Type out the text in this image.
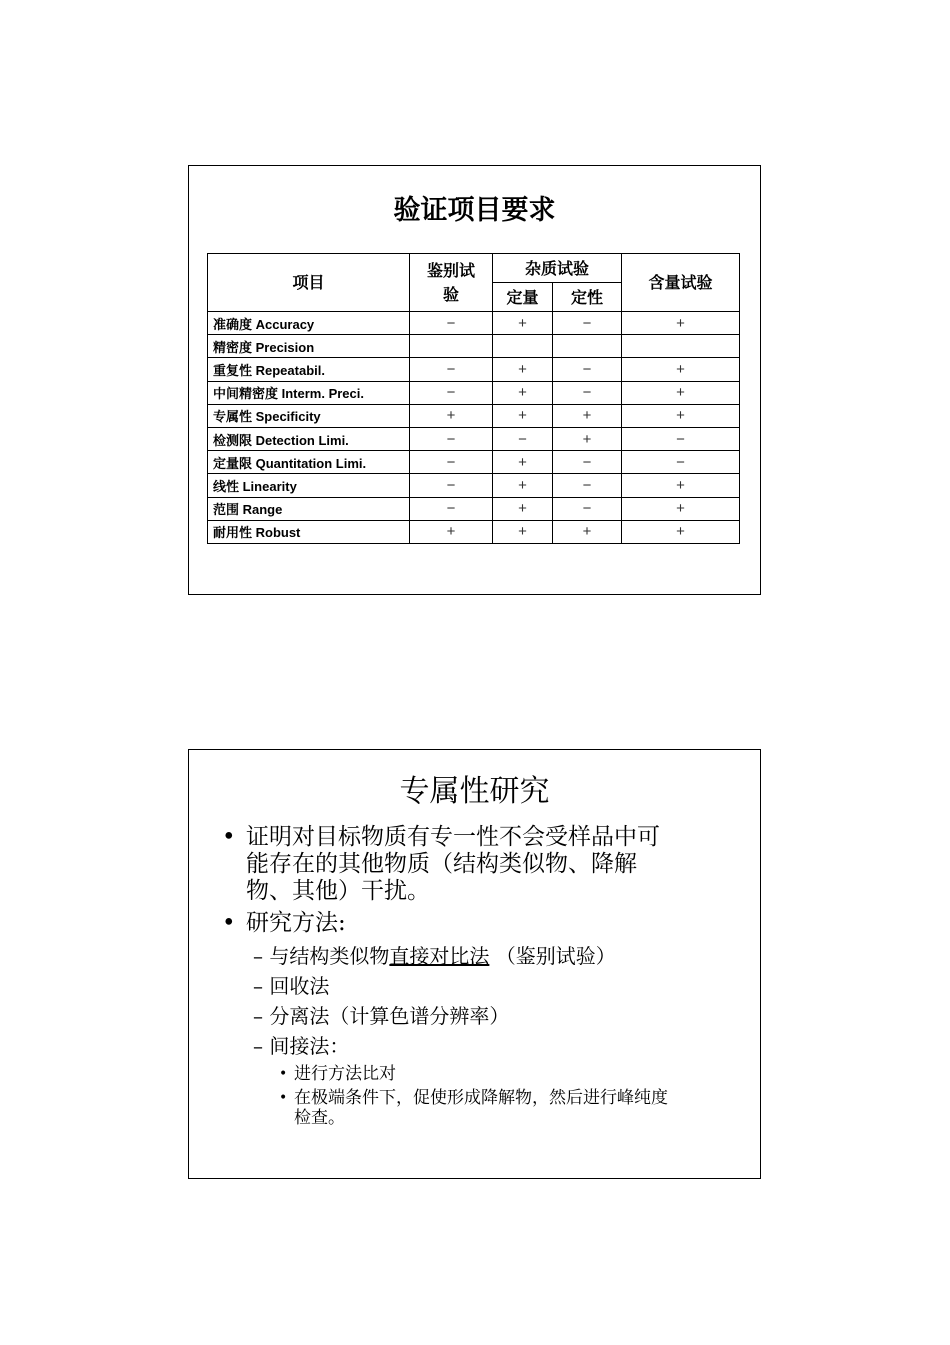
验证项目要求
项目	鉴别试验	杂质试验		含量试验
		定量	定性	
准确度 Accuracy	−	+	−	+
精密度 Precision				
重复性 Repeatabil.	−	+	−	+
中间精密度 Interm. Preci.	−	+	−	+
专属性 Specificity	+	+	+	+
检测限 Detection Limi.	−	−	+	−
定量限 Quantitation Limi.	−	+	−	−
线性 Linearity	−	+	−	+
范围 Range	−	+	−	+
耐用性 Robust	+	+	+	+
专属性研究
• 证明对目标物质有专一性不会受样品中可
能存在的其他物质（结构类似物、降解
物、其他）干扰。
• 研究方法:
– 与结构类似物直接对比法 （鉴别试验）
– 回收法
– 分离法（计算色谱分辨率）
– 间接法：
• 进行方法比对
• 在极端条件下，促使形成降解物，然后进行峰纯度
检查。
